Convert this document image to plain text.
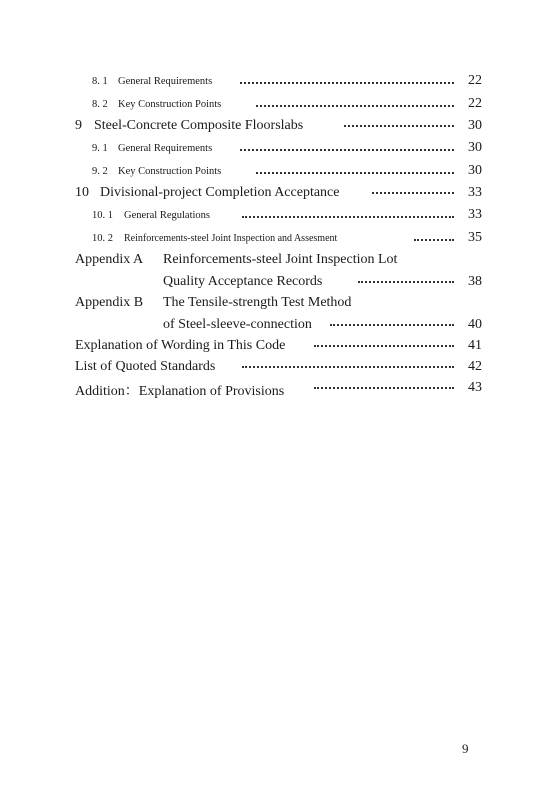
8. 1 General Requirements	22
8. 2 Key Construction Points	22
9 Steel-Concrete Composite Floorslabs	30
9. 1 General Requirements	30
9. 2 Key Construction Points	30
10 Divisional-project Completion Acceptance	33
10. 1 General Regulations	33
10. 2 Reinforcements-steel Joint Inspection and Assesment	35
Appendix A Reinforcements-steel Joint Inspection Lot
Quality Acceptance Records	38
Appendix B The Tensile-strength Test Method
of Steel-sleeve-connection	40
Explanation of Wording in This Code	41
List of Quoted Standards	42
Addition：Explanation of Provisions	43
9
